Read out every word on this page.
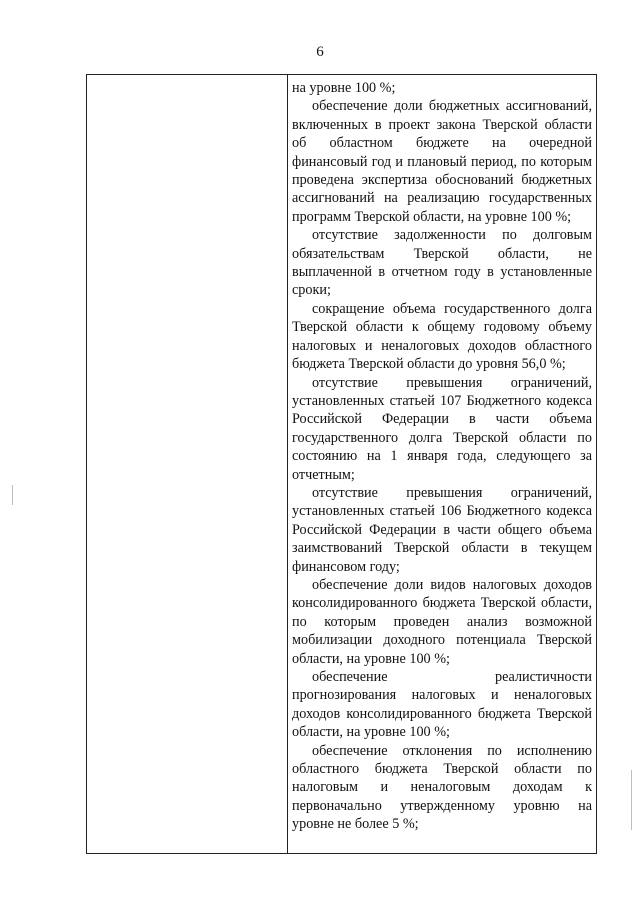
6

на уровне 100 %;

обеспечение доли бюджетных ассигнований, включенных в проект закона Тверской области об областном бюджете на очередной финансовый год и плановый период, по которым проведена экспертиза обоснований бюджетных ассигнований на реализацию государственных программ Тверской области, на уровне 100 %;

отсутствие задолженности по долговым обязательствам Тверской области, не выплаченной в отчетном году в установленные сроки;

сокращение объема государственного долга Тверской области к общему годовому объему налоговых и неналоговых доходов областного бюджета Тверской области до уровня 56,0 %;

отсутствие превышения ограничений, установленных статьей 107 Бюджетного кодекса Российской Федерации в части объема государственного долга Тверской области по состоянию на 1 января года, следующего за отчетным;

отсутствие превышения ограничений, установленных статьей 106 Бюджетного кодекса Российской Федерации в части общего объема заимствований Тверской области в текущем финансовом году;

обеспечение доли видов налоговых доходов консолидированного бюджета Тверской области, по которым проведен анализ возможной мобилизации доходного потенциала Тверской области, на уровне 100 %;

обеспечение реалистичности прогнозирования налоговых и неналоговых доходов консолидированного бюджета Тверской области, на уровне 100 %;

обеспечение отклонения по исполнению областного бюджета Тверской области по налоговым и неналоговым доходам к первоначально утвержденному уровню на уровне не более 5 %;
